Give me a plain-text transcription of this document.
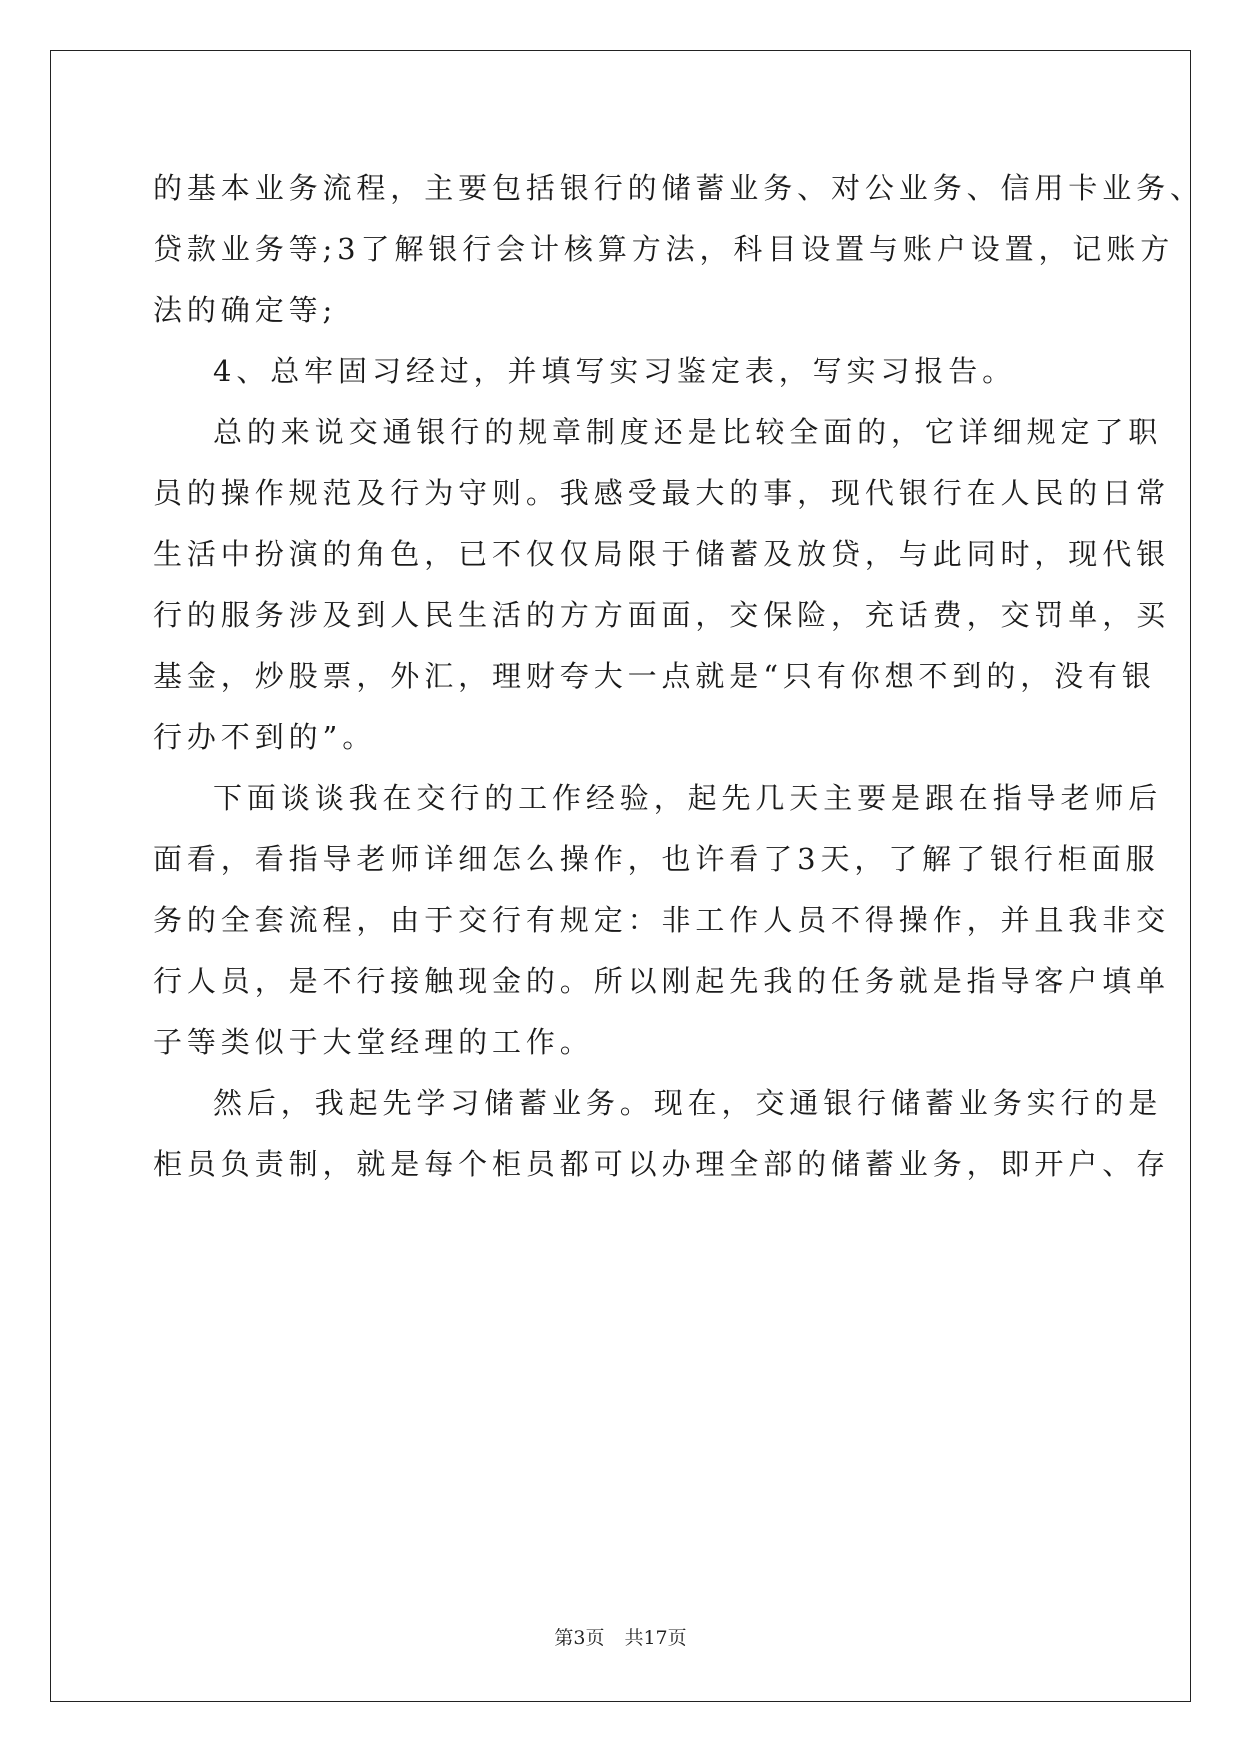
的基本业务流程，主要包括银行的储蓄业务、对公业务、信用卡业务、
贷款业务等;3了解银行会计核算方法，科目设置与账户设置，记账方
法的确定等;
4、总牢固习经过，并填写实习鉴定表，写实习报告。
总的来说交通银行的规章制度还是比较全面的，它详细规定了职
员的操作规范及行为守则。我感受最大的事，现代银行在人民的日常
生活中扮演的角色，已不仅仅局限于储蓄及放贷，与此同时，现代银
行的服务涉及到人民生活的方方面面，交保险，充话费，交罚单，买
基金，炒股票，外汇，理财夸大一点就是“只有你想不到的，没有银
行办不到的”。
下面谈谈我在交行的工作经验，起先几天主要是跟在指导老师后
面看，看指导老师详细怎么操作，也许看了3天，了解了银行柜面服
务的全套流程，由于交行有规定：非工作人员不得操作，并且我非交
行人员，是不行接触现金的。所以刚起先我的任务就是指导客户填单
子等类似于大堂经理的工作。
然后，我起先学习储蓄业务。现在，交通银行储蓄业务实行的是
柜员负责制，就是每个柜员都可以办理全部的储蓄业务，即开户、存
第3页 共17页
